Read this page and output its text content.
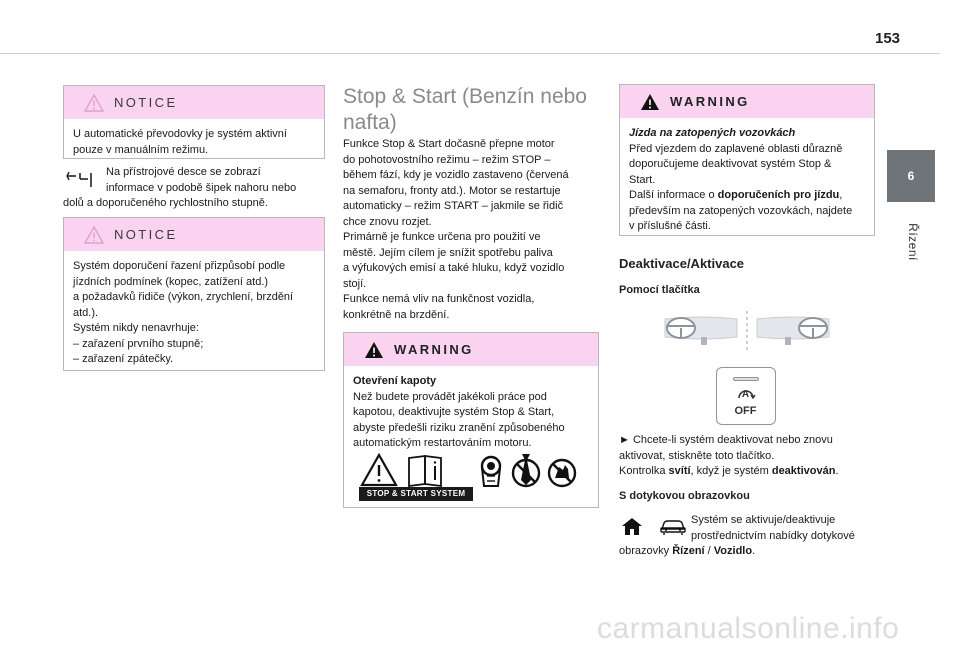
153
6
Řízení
NOTICE

U automatické převodovky je systém aktivní

pouze v manuálním režimu.

Na přístrojové desce se zobrazí

informace v podobě šipek nahoru nebo

dolů a doporučeného rychlostního stupně.

NOTICE

Systém doporučení řazení přizpůsobí podle

jízdních podmínek (kopec, zatížení atd.)

a požadavků řidiče (výkon, zrychlení, brzdění

atd.).

Systém nikdy nenavrhuje:

– zařazení prvního stupně;

– zařazení zpátečky.

Stop & Start (Benzín nebo
nafta)

Funkce Stop & Start dočasně přepne motor

do pohotovostního režimu – režim STOP –

během fází, kdy je vozidlo zastaveno (červená

na semaforu, fronty atd.). Motor se restartuje

automaticky – režim START – jakmile se řidič

chce znovu rozjet.

Primárně je funkce určena pro použití ve

městě. Jejím cílem je snížit spotřebu paliva

a výfukových emisí a také hluku, když vozidlo

stojí.

Funkce nemá vliv na funkčnost vozidla,

konkrétně na brzdění.

WARNING

Otevření kapoty

Než budete provádět jakékoli práce pod

kapotou, deaktivujte systém Stop & Start,

abyste předešli riziku zranění způsobeného

automatickým restartováním motoru.

STOP & START SYSTEM
WARNING

Jízda na zatopených vozovkách

Před vjezdem do zaplavené oblasti důrazně

doporučujeme deaktivovat systém Stop &

Start.

Další informace o doporučeních pro jízdu,

především na zatopených vozovkách, najdete

v příslušné části.

Deaktivace/Aktivace
Pomocí tlačítka
A
OFF

► Chcete-li systém deaktivovat nebo znovu

aktivovat, stiskněte toto tlačítko.

Kontrolka svítí, když je systém deaktivován.

S dotykovou obrazovkou

Systém se aktivuje/deaktivuje

prostřednictvím nabídky dotykové

obrazovky Řízení / Vozidlo.

carmanualsonline.info
